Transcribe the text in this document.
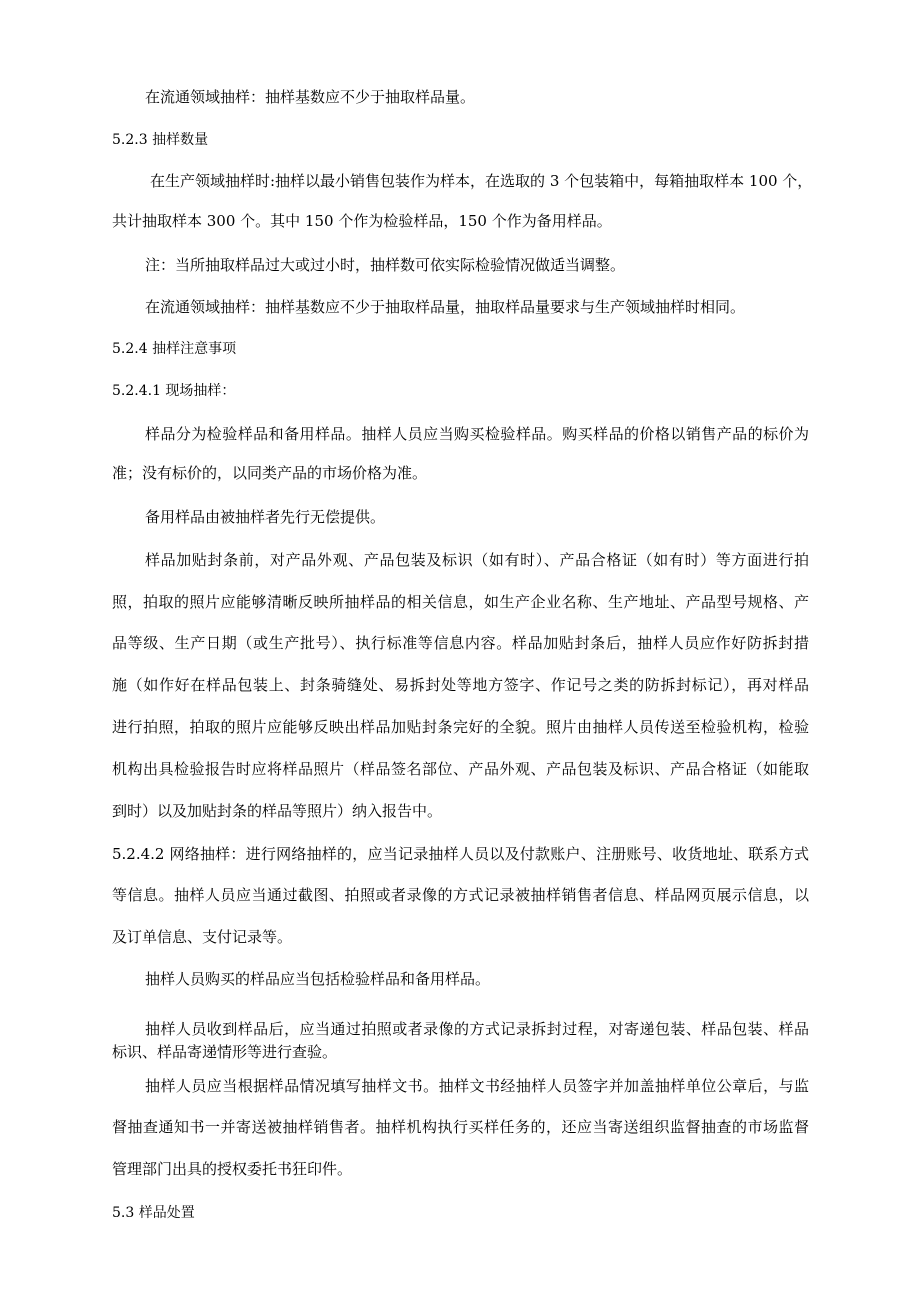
在流通领域抽样：抽样基数应不少于抽取样品量。

5.2.3 抽样数量

在生产领域抽样时:抽样以最小销售包装作为样本，在选取的 3 个包装箱中，每箱抽取样本 100 个，

共计抽取样本 300 个。其中 150 个作为检验样品，150 个作为备用样品。

注：当所抽取样品过大或过小时，抽样数可依实际检验情况做适当调整。

在流通领域抽样：抽样基数应不少于抽取样品量，抽取样品量要求与生产领域抽样时相同。

5.2.4 抽样注意事项

5.2.4.1 现场抽样：

样品分为检验样品和备用样品。抽样人员应当购买检验样品。购买样品的价格以销售产品的标价为

准；没有标价的，以同类产品的市场价格为准。

备用样品由被抽样者先行无偿提供。

样品加贴封条前，对产品外观、产品包装及标识（如有时）、产品合格证（如有时）等方面进行拍

照，拍取的照片应能够清晰反映所抽样品的相关信息，如生产企业名称、生产地址、产品型号规格、产

品等级、生产日期（或生产批号）、执行标准等信息内容。样品加贴封条后，抽样人员应作好防拆封措

施（如作好在样品包装上、封条骑缝处、易拆封处等地方签字、作记号之类的防拆封标记），再对样品

进行拍照，拍取的照片应能够反映出样品加贴封条完好的全貌。照片由抽样人员传送至检验机构，检验

机构出具检验报告时应将样品照片（样品签名部位、产品外观、产品包装及标识、产品合格证（如能取

到时）以及加贴封条的样品等照片）纳入报告中。

5.2.4.2 网络抽样：进行网络抽样的，应当记录抽样人员以及付款账户、注册账号、收货地址、联系方式

等信息。抽样人员应当通过截图、拍照或者录像的方式记录被抽样销售者信息、样品网页展示信息，以

及订单信息、支付记录等。

抽样人员购买的样品应当包括检验样品和备用样品。

抽样人员收到样品后，应当通过拍照或者录像的方式记录拆封过程，对寄递包装、样品包装、样品

标识、样品寄递情形等进行查验。

抽样人员应当根据样品情况填写抽样文书。抽样文书经抽样人员签字并加盖抽样单位公章后，与监

督抽查通知书一并寄送被抽样销售者。抽样机构执行买样任务的，还应当寄送组织监督抽查的市场监督

管理部门出具的授权委托书狂印件。

5.3 样品处置
